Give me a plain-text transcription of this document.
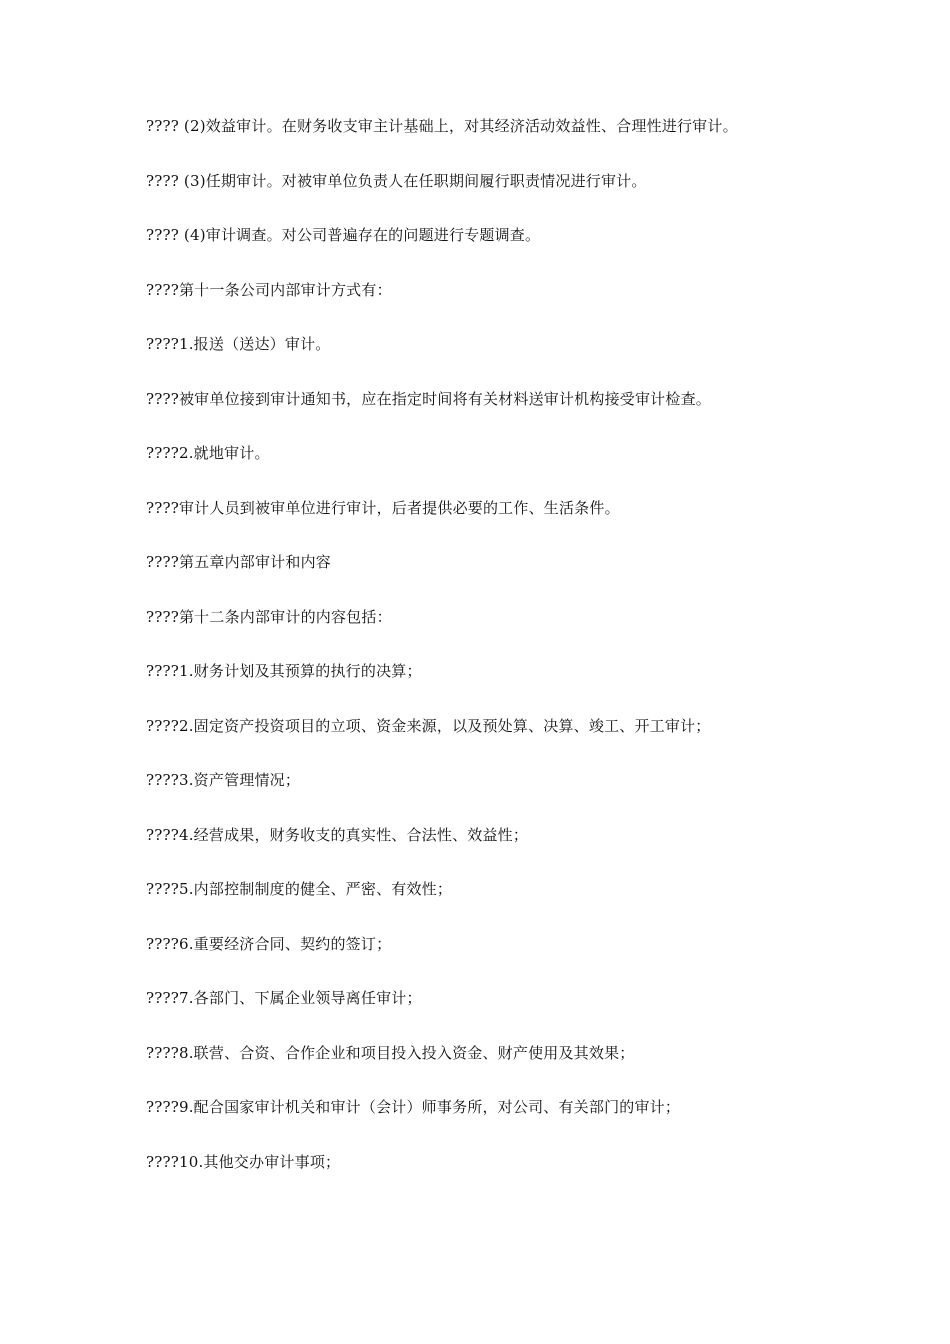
???? (2)效益审计。在财务收支审主计基础上，对其经济活动效益性、合理性进行审计。

???? (3)任期审计。对被审单位负责人在任职期间履行职责情况进行审计。

???? (4)审计调查。对公司普遍存在的问题进行专题调查。

????第十一条公司内部审计方式有：

????1.报送（送达）审计。

????被审单位接到审计通知书，应在指定时间将有关材料送审计机构接受审计检查。

????2.就地审计。

????审计人员到被审单位进行审计，后者提供必要的工作、生活条件。

????第五章内部审计和内容

????第十二条内部审计的内容包括：

????1.财务计划及其预算的执行的决算；

????2.固定资产投资项目的立项、资金来源，以及预处算、决算、竣工、开工审计；

????3.资产管理情况；

????4.经营成果，财务收支的真实性、合法性、效益性；

????5.内部控制制度的健全、严密、有效性；

????6.重要经济合同、契约的签订；

????7.各部门、下属企业领导离任审计；

????8.联营、合资、合作企业和项目投入投入资金、财产使用及其效果；

????9.配合国家审计机关和审计（会计）师事务所，对公司、有关部门的审计；

????10.其他交办审计事项；
